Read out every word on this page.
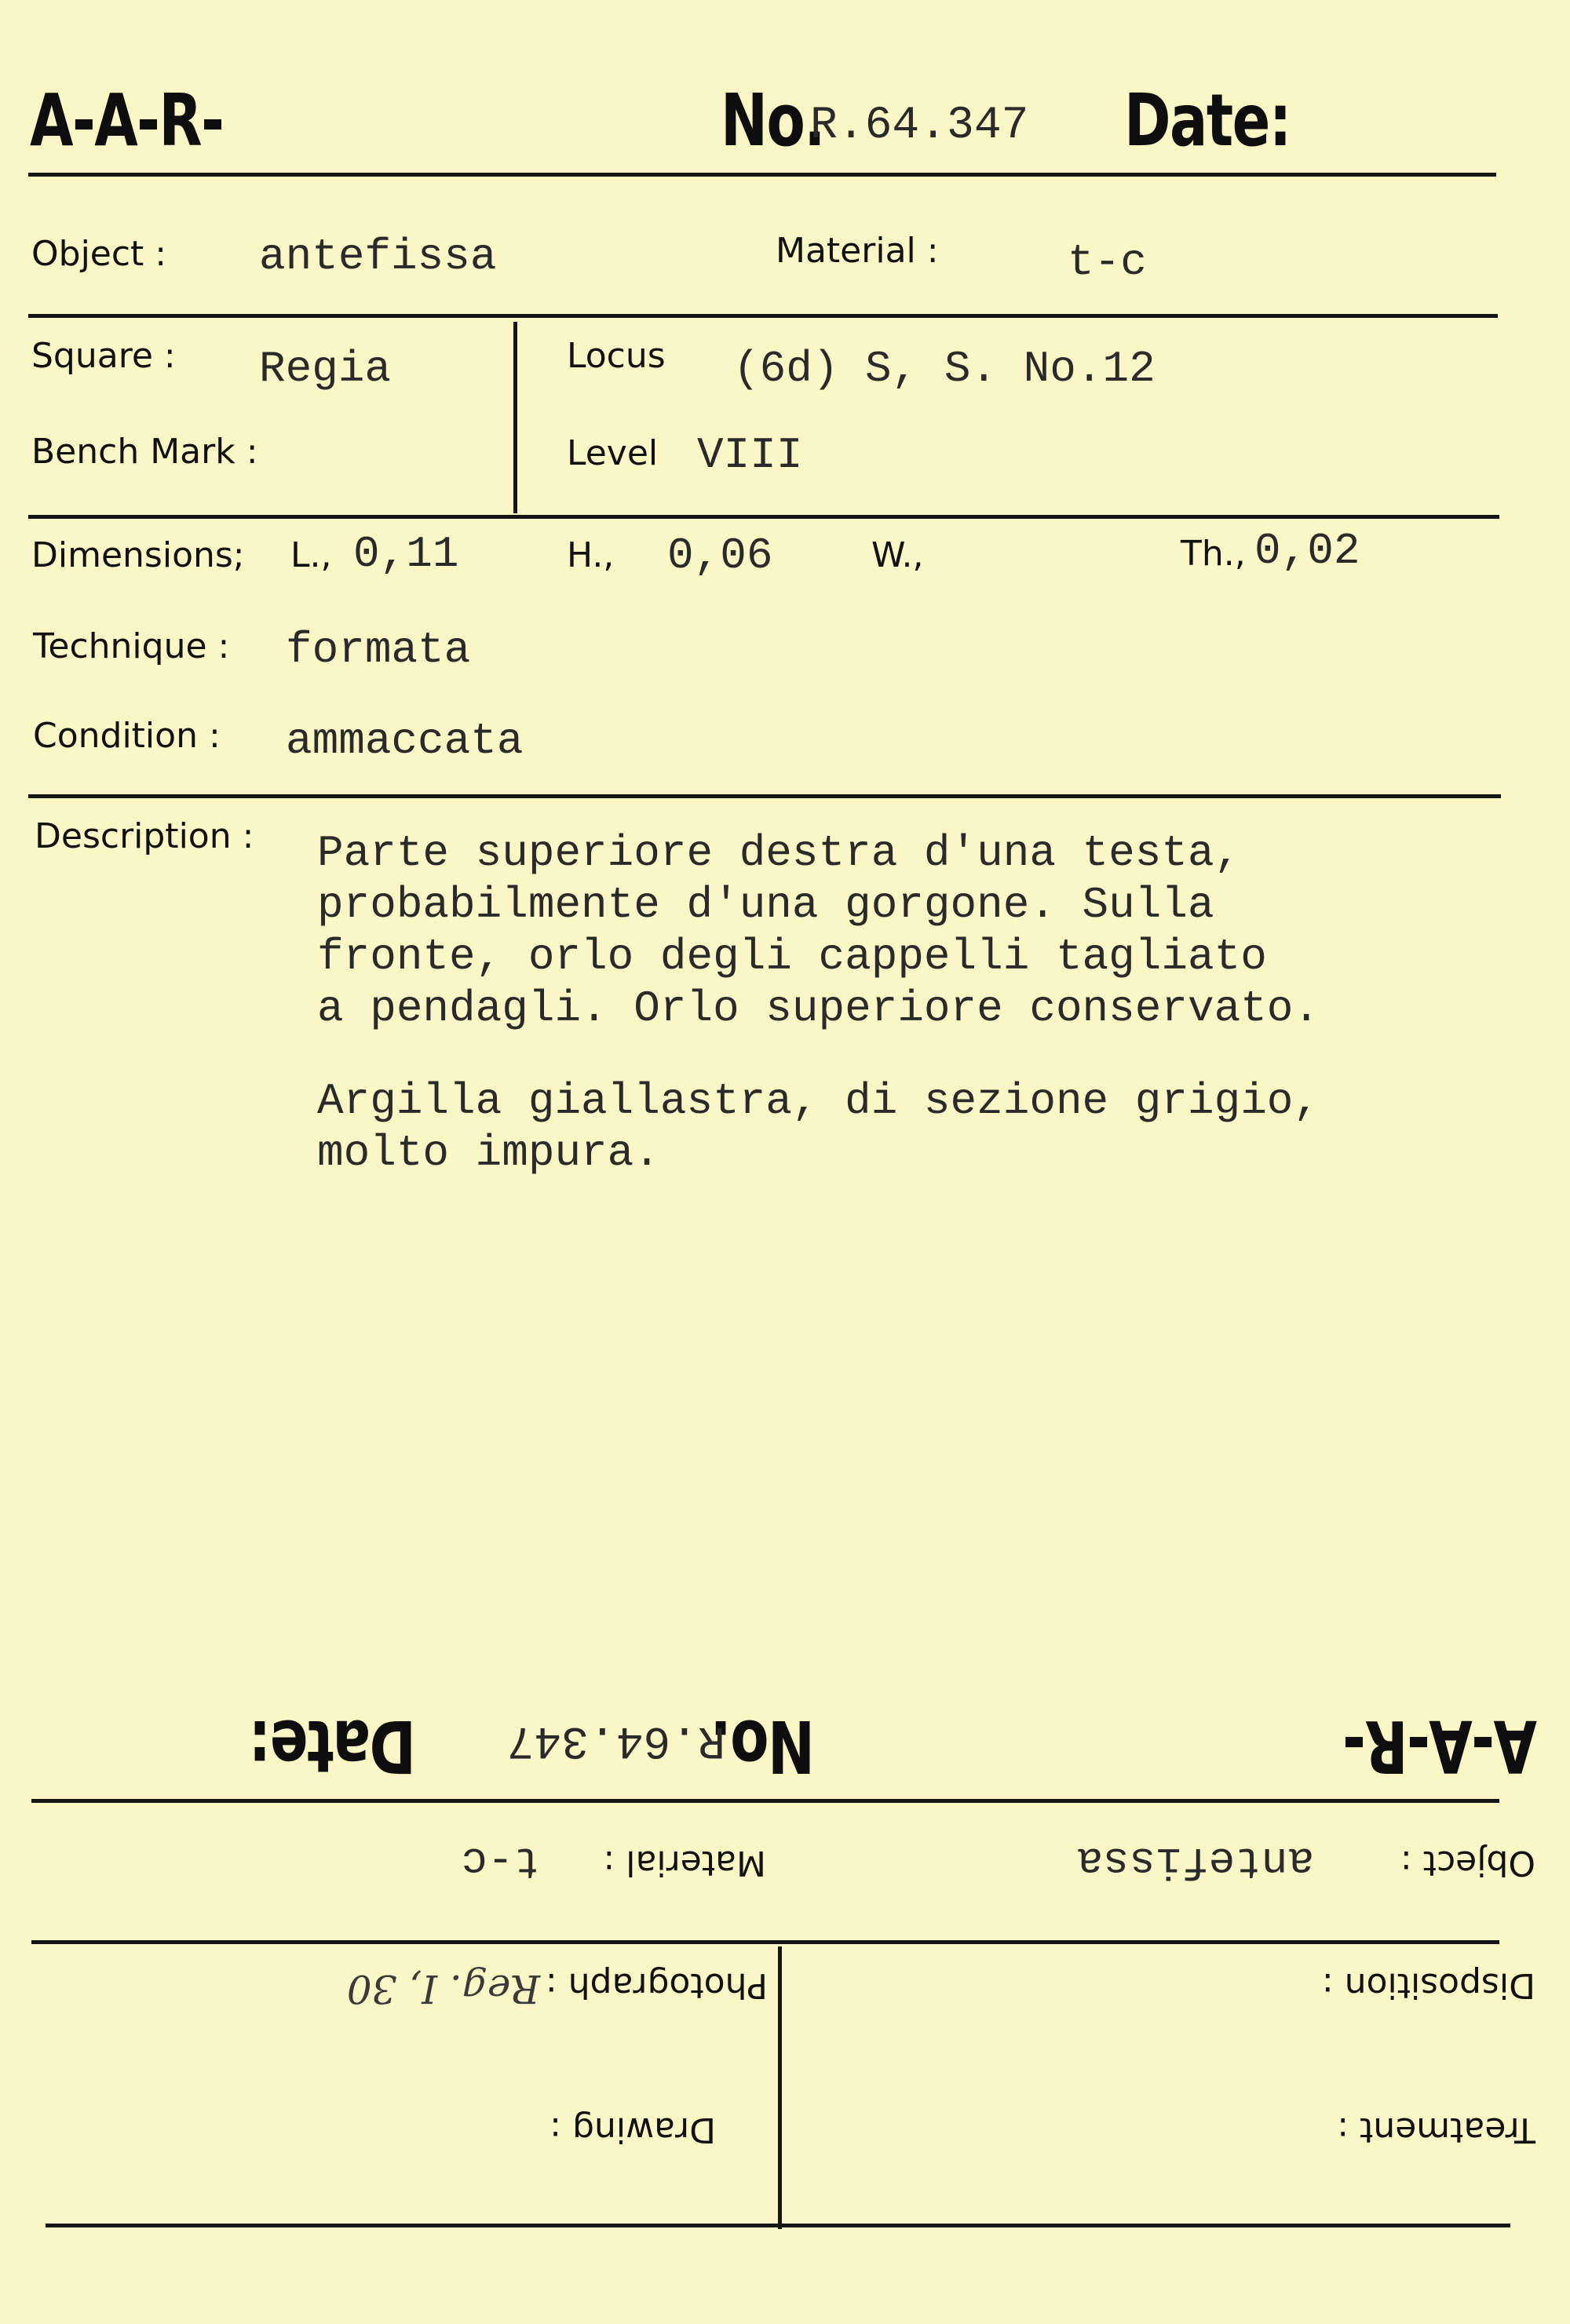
A-A-R-	No.
R.64.347 Date:
Object : antefissa	Material :	t-c
Square : Regia
Bench Mark :
Locus (6d) S, S. No.12
Level VIII
Dimensions; L., 0,11	H., 0,06	W.,	Th., 0,02
Technique : formata
Condition : ammaccata
Description : Parte superiore destra d'una testa,
probabilmente d'una gorgone. Sulla
fronte, orlo degli cappelli tagliato
a pendagli. Orlo superiore conservato.
Argilla giallastra, di sezione grigio,
molto impura.
A-A-R-
No.
R.64.347
Date:
Object :
antefissa
Material :
t-c
Disposition :
Photograph :
Reg. I, 30
Treatment :
Drawing :
